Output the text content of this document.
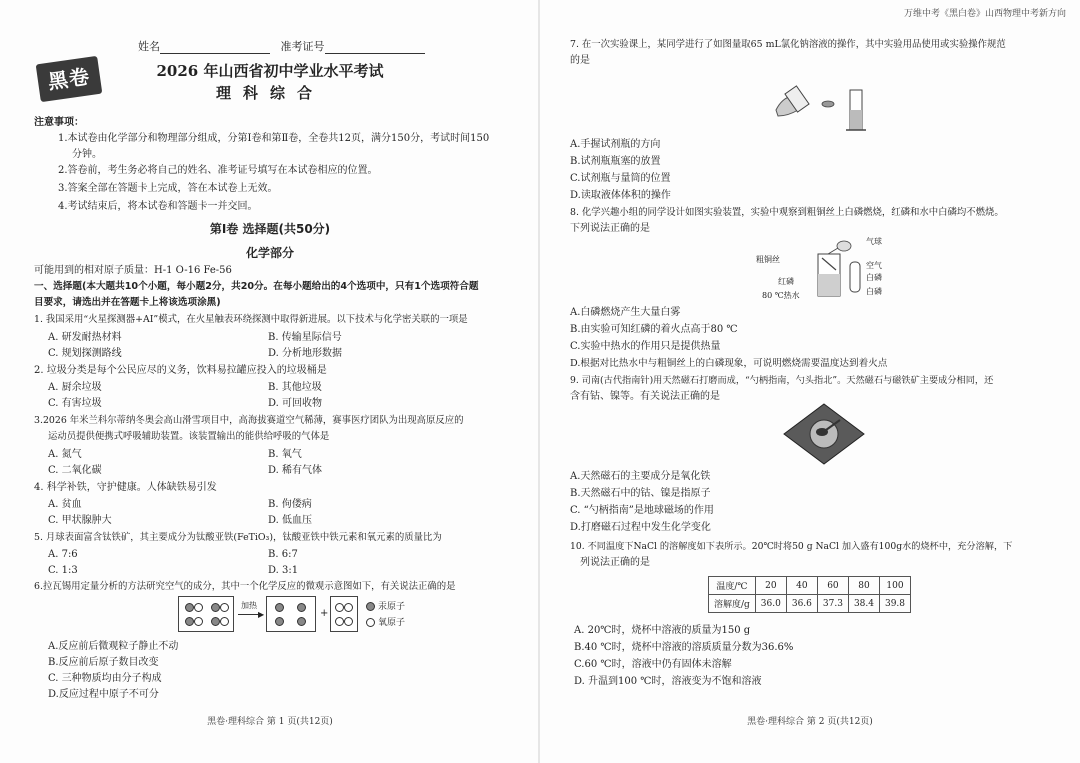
姓名	准考证号
黑卷	2026 年山西省初中学业水平考试
理科综合
注意事项：
1.本试卷由化学部分和物理部分组成，分第Ⅰ卷和第Ⅱ卷，全卷共12页，满分150分，考试时间150
分钟。
2.答卷前，考生务必将自己的姓名、准考证号填写在本试卷相应的位置。
3.答案全部在答题卡上完成，答在本试卷上无效。
4.考试结束后，将本试卷和答题卡一并交回。
第Ⅰ卷 选择题(共50分)
化学部分
可能用到的相对原子质量：H-1 O-16 Fe-56
一、选择题(本大题共10个小题，每小题2分，共20分。在每小题给出的4个选项中，只有1个选项符合题
目要求，请选出并在答题卡上将该选项涂黑)
1. 我国采用“火星探测器+AI”模式，在火星触表环绕探测中取得新进展。以下技术与化学密关联的一项是
A. 研发耐热材料	B. 传输星际信号
C. 规划探测路线	D. 分析地形数据
2. 垃圾分类是每个公民应尽的义务，饮料易拉罐应投入的垃圾桶是
A. 厨余垃圾	B. 其他垃圾
C. 有害垃圾	D. 可回收物
3.2026 年米兰科尔蒂纳冬奥会高山滑雪项目中，高海拔赛道空气稀薄，赛事医疗团队为出现高原反应的
运动员提供便携式呼吸辅助装置。该装置输出的能供给呼吸的气体是
A. 氮气	B. 氧气
C. 二氧化碳	D. 稀有气体
4. 科学补铁，守护健康。人体缺铁易引发
A. 贫血	B. 佝偻病
C. 甲状腺肿大	D. 低血压
5. 月球表面富含钛铁矿，其主要成分为钛酸亚铁(FeTiO₃)，钛酸亚铁中铁元素和氧元素的质量比为
A. 7:6	B. 6:7
C. 1:3	D. 3:1
6.拉瓦锡用定量分析的方法研究空气的成分，其中一个化学反应的微观示意图如下，有关说法正确的是
加热
▶	+
汞原子
氧原子
A.反应前后微观粒子静止不动
B.反应前后原子数目改变
C. 三种物质均由分子构成
D.反应过程中原子不可分
黑卷·理科综合 第 1 页(共12页)
万维中考《黑白卷》山西物理中考新方向
7. 在一次实验课上，某同学进行了如图量取65 mL氯化钠溶液的操作，其中实验用品使用或实验操作规范
的是
A.手握试剂瓶的方向
B.试剂瓶瓶塞的放置
C.试剂瓶与量筒的位置
D.读取液体体积的操作
8. 化学兴趣小组的同学设计如图实验装置，实验中观察到粗铜丝上白磷燃烧，红磷和水中白磷均不燃烧。
下列说法正确的是
气球
粗铜丝
空气
白磷
红磷
80 ℃热水	白磷
A.白磷燃烧产生大量白雾
B.由实验可知红磷的着火点高于80 ℃
C.实验中热水的作用只是提供热量
D.根据对比热水中与粗铜丝上的白磷现象，可说明燃烧需要温度达到着火点
9. 司南(古代指南针)用天然磁石打磨而成，“勺柄指南，勺头指北”。天然磁石与磁铁矿主要成分相同，还
含有钴、镍等。有关说法正确的是
A.天然磁石的主要成分是氧化铁
B.天然磁石中的钴、镍是指原子
C. “勺柄指南”是地球磁场的作用
D.打磨磁石过程中发生化学变化
10. 不同温度下NaCl 的溶解度如下表所示。20℃时将50 g NaCl 加入盛有100g水的烧杯中，充分溶解，下
列说法正确的是
温度/℃	20	40	60	80	100
溶解度/g	36.0	36.6	37.3	38.4	39.8
A. 20℃时，烧杯中溶液的质量为150 g
B.40 ℃时，烧杯中溶液的溶质质量分数为36.6%
C.60 ℃时，溶液中仍有固体未溶解
D. 升温到100 ℃时，溶液变为不饱和溶液
黑卷·理科综合 第 2 页(共12页)
